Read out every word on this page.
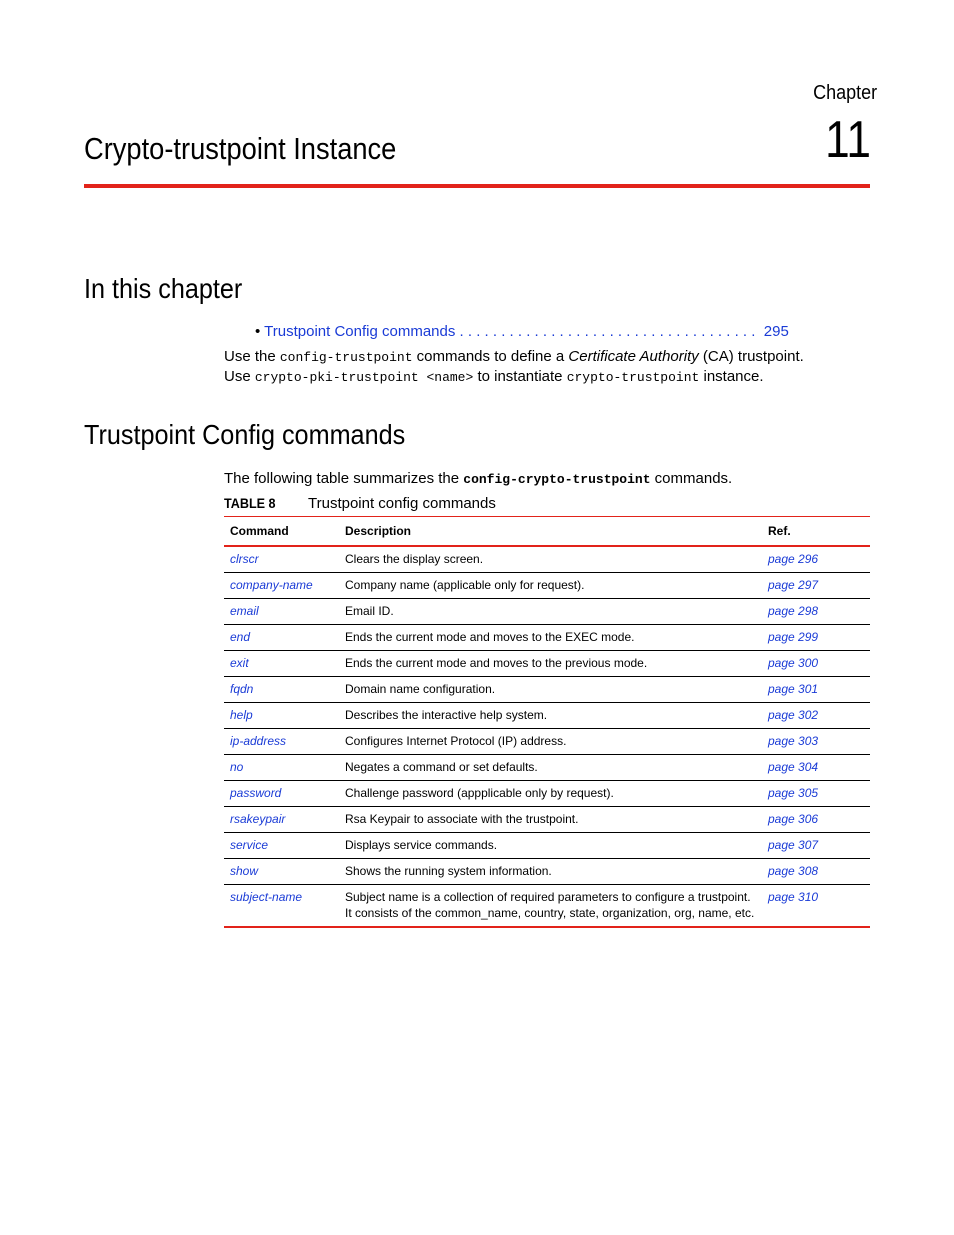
Chapter
11
Crypto-trustpoint Instance
In this chapter
• Trustpoint Config commands . . . . . . . . . . . . . . . . . . . . . . . . . . . . . . . . . . . . 295
Use the config-trustpoint commands to define a Certificate Authority (CA) trustpoint.
Use crypto-pki-trustpoint <name> to instantiate crypto-trustpoint instance.
Trustpoint Config commands
The following table summarizes the config-crypto-trustpoint commands.
TABLE 8 Trustpoint config commands
Command	Description	Ref.
clrscr	Clears the display screen.	page 296
company-name	Company name (applicable only for request).	page 297
email	Email ID.	page 298
end	Ends the current mode and moves to the EXEC mode.	page 299
exit	Ends the current mode and moves to the previous mode.	page 300
fqdn	Domain name configuration.	page 301
help	Describes the interactive help system.	page 302
ip-address	Configures Internet Protocol (IP) address.	page 303
no	Negates a command or set defaults.	page 304
password	Challenge password (appplicable only by request).	page 305
rsakeypair	Rsa Keypair to associate with the trustpoint.	page 306
service	Displays service commands.	page 307
show	Shows the running system information.	page 308
subject-name	Subject name is a collection of required parameters to configure a trustpoint. It consists of the common_name, country, state, organization, org, name, etc.	page 310
